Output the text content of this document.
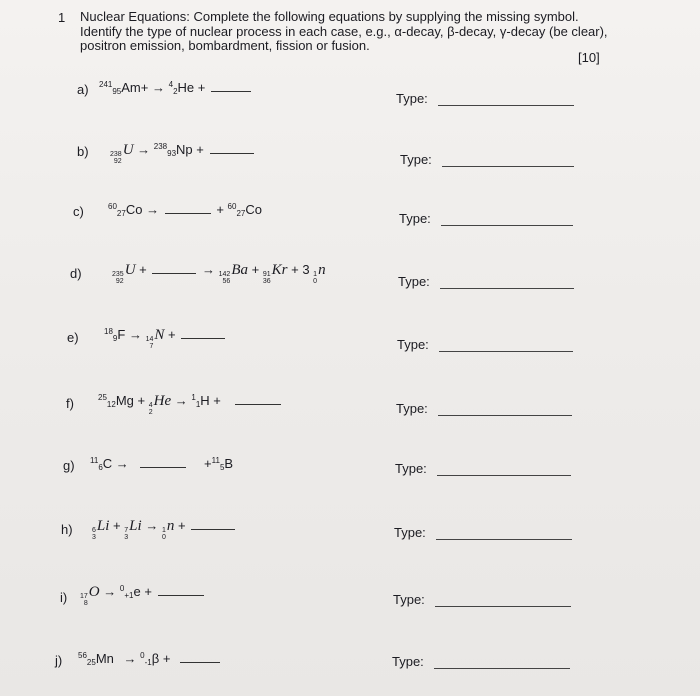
1 Nuclear Equations: Complete the following equations by supplying the missing symbol. Identify the type of nuclear process in each case, e.g., α-decay, β-decay, γ-decay (be clear), positron emission, bombardment, fission or fusion.
[10]
a) $^{241}_{95}$Am+ → $^4_2$He +
b)	238
92
U → $^{238}_{93}$Np +
c)	$^{60}_{27}$Co →	+ $^{60}_{27}$Co
d)	235
92
U +	→ 142
56
Ba + 91
36
Kr + 3 1
0
n
e)	$^{18}_9$F → 14
7
N +
f)	$^{25}_{12}$Mg + 4
2
He → $^1_1$H +
g) $^{11}_6$C →	+$^{11}_5$B
h)	6
3
Li + 7
3
Li → 1
0
n +
i) 17
8
O → $^0_{+1}$e +
j) $^{56}_{25}$Mn → $^0_{-1}$β +
Type:
Type:
Type:
Type:
Type:
Type:
Type:
Type:
Type:
Type:
